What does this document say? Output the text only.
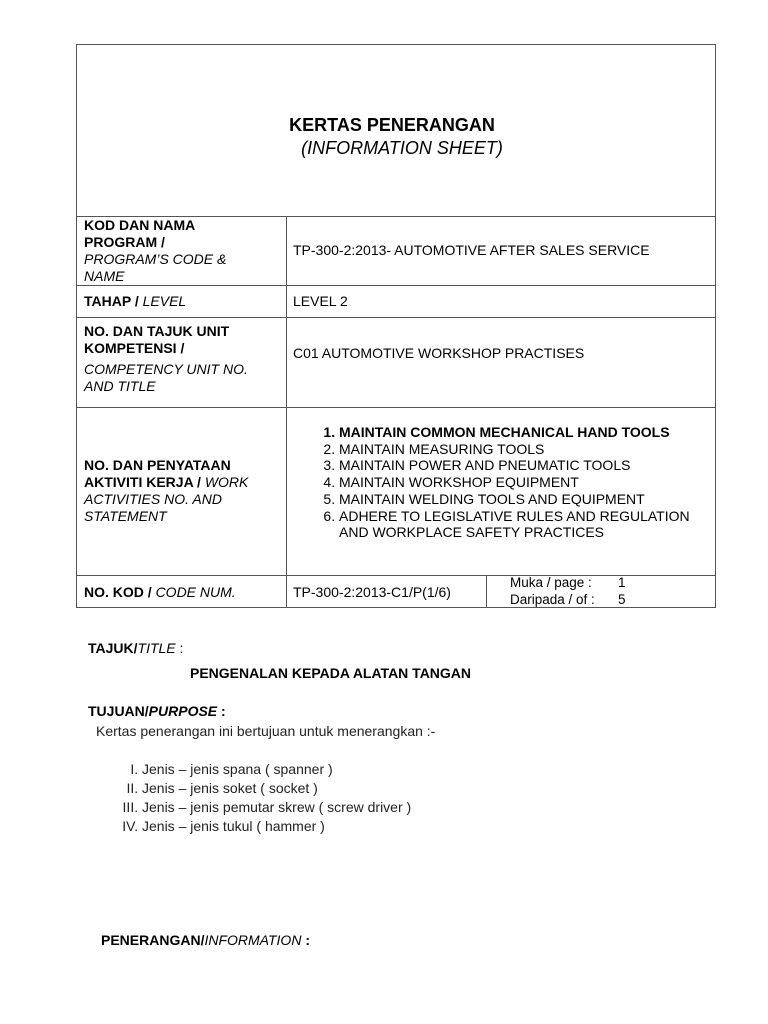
KERTAS PENERANGAN
(INFORMATION SHEET)
KOD DAN NAMA
PROGRAM /
PROGRAM’S CODE &
NAME
TP-300-2:2013- AUTOMOTIVE AFTER SALES SERVICE
TAHAP / LEVEL	LEVEL 2
NO. DAN TAJUK UNIT
KOMPETENSI /
COMPETENCY UNIT NO.
AND TITLE
C01 AUTOMOTIVE WORKSHOP PRACTISES
NO. DAN PENYATAAN
AKTIVITI KERJA / WORK
ACTIVITIES NO. AND
STATEMENT
1. MAINTAIN COMMON MECHANICAL HAND TOOLS
2. MAINTAIN MEASURING TOOLS
3. MAINTAIN POWER AND PNEUMATIC TOOLS
4. MAINTAIN WORKSHOP EQUIPMENT
5. MAINTAIN WELDING TOOLS AND EQUIPMENT
6. ADHERE TO LEGISLATIVE RULES AND REGULATION AND WORKPLACE SAFETY PRACTICES
NO. KOD / CODE NUM.	TP-300-2:2013-C1/P(1/6)
Muka / page : 1
Daripada / of : 5
TAJUK/TITLE :
PENGENALAN KEPADA ALATAN TANGAN
TUJUAN/PURPOSE :
Kertas penerangan ini bertujuan untuk menerangkan :-
I. Jenis – jenis spana ( spanner )
II. Jenis – jenis soket ( socket )
III. Jenis – jenis pemutar skrew ( screw driver )
IV. Jenis – jenis tukul ( hammer )
PENERANGAN/INFORMATION :
